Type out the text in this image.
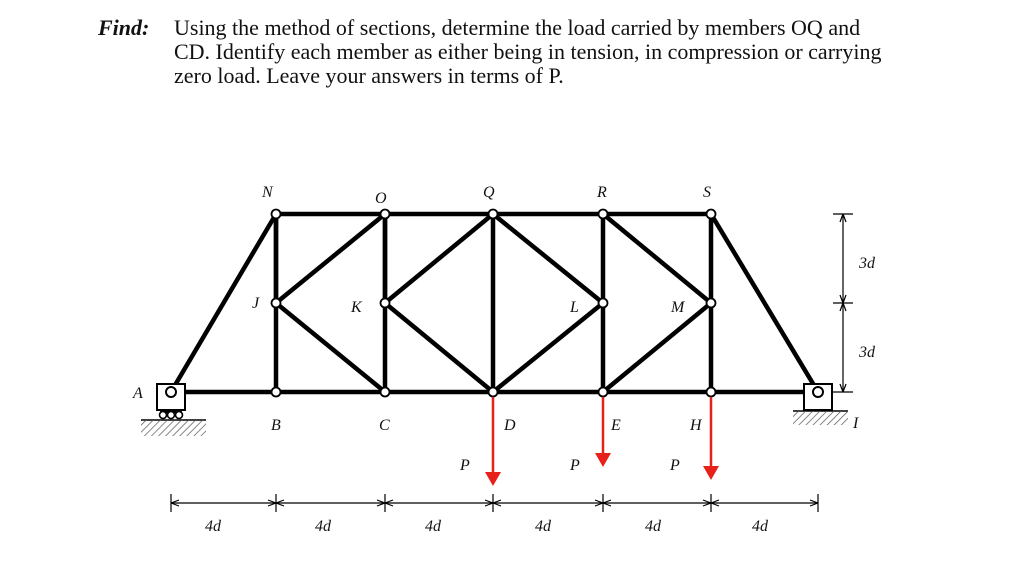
Find: Using the method of sections, determine the load carried by members OQ and
CD. Identify each member as either being in tension, in compression or carrying
zero load. Leave your answers in terms of P.
A
B	C	D	E	H	I
J	K	L	M
N	O	Q	R	S
P	P	P
4d	4d	4d	4d	4d	4d
3d
3d
